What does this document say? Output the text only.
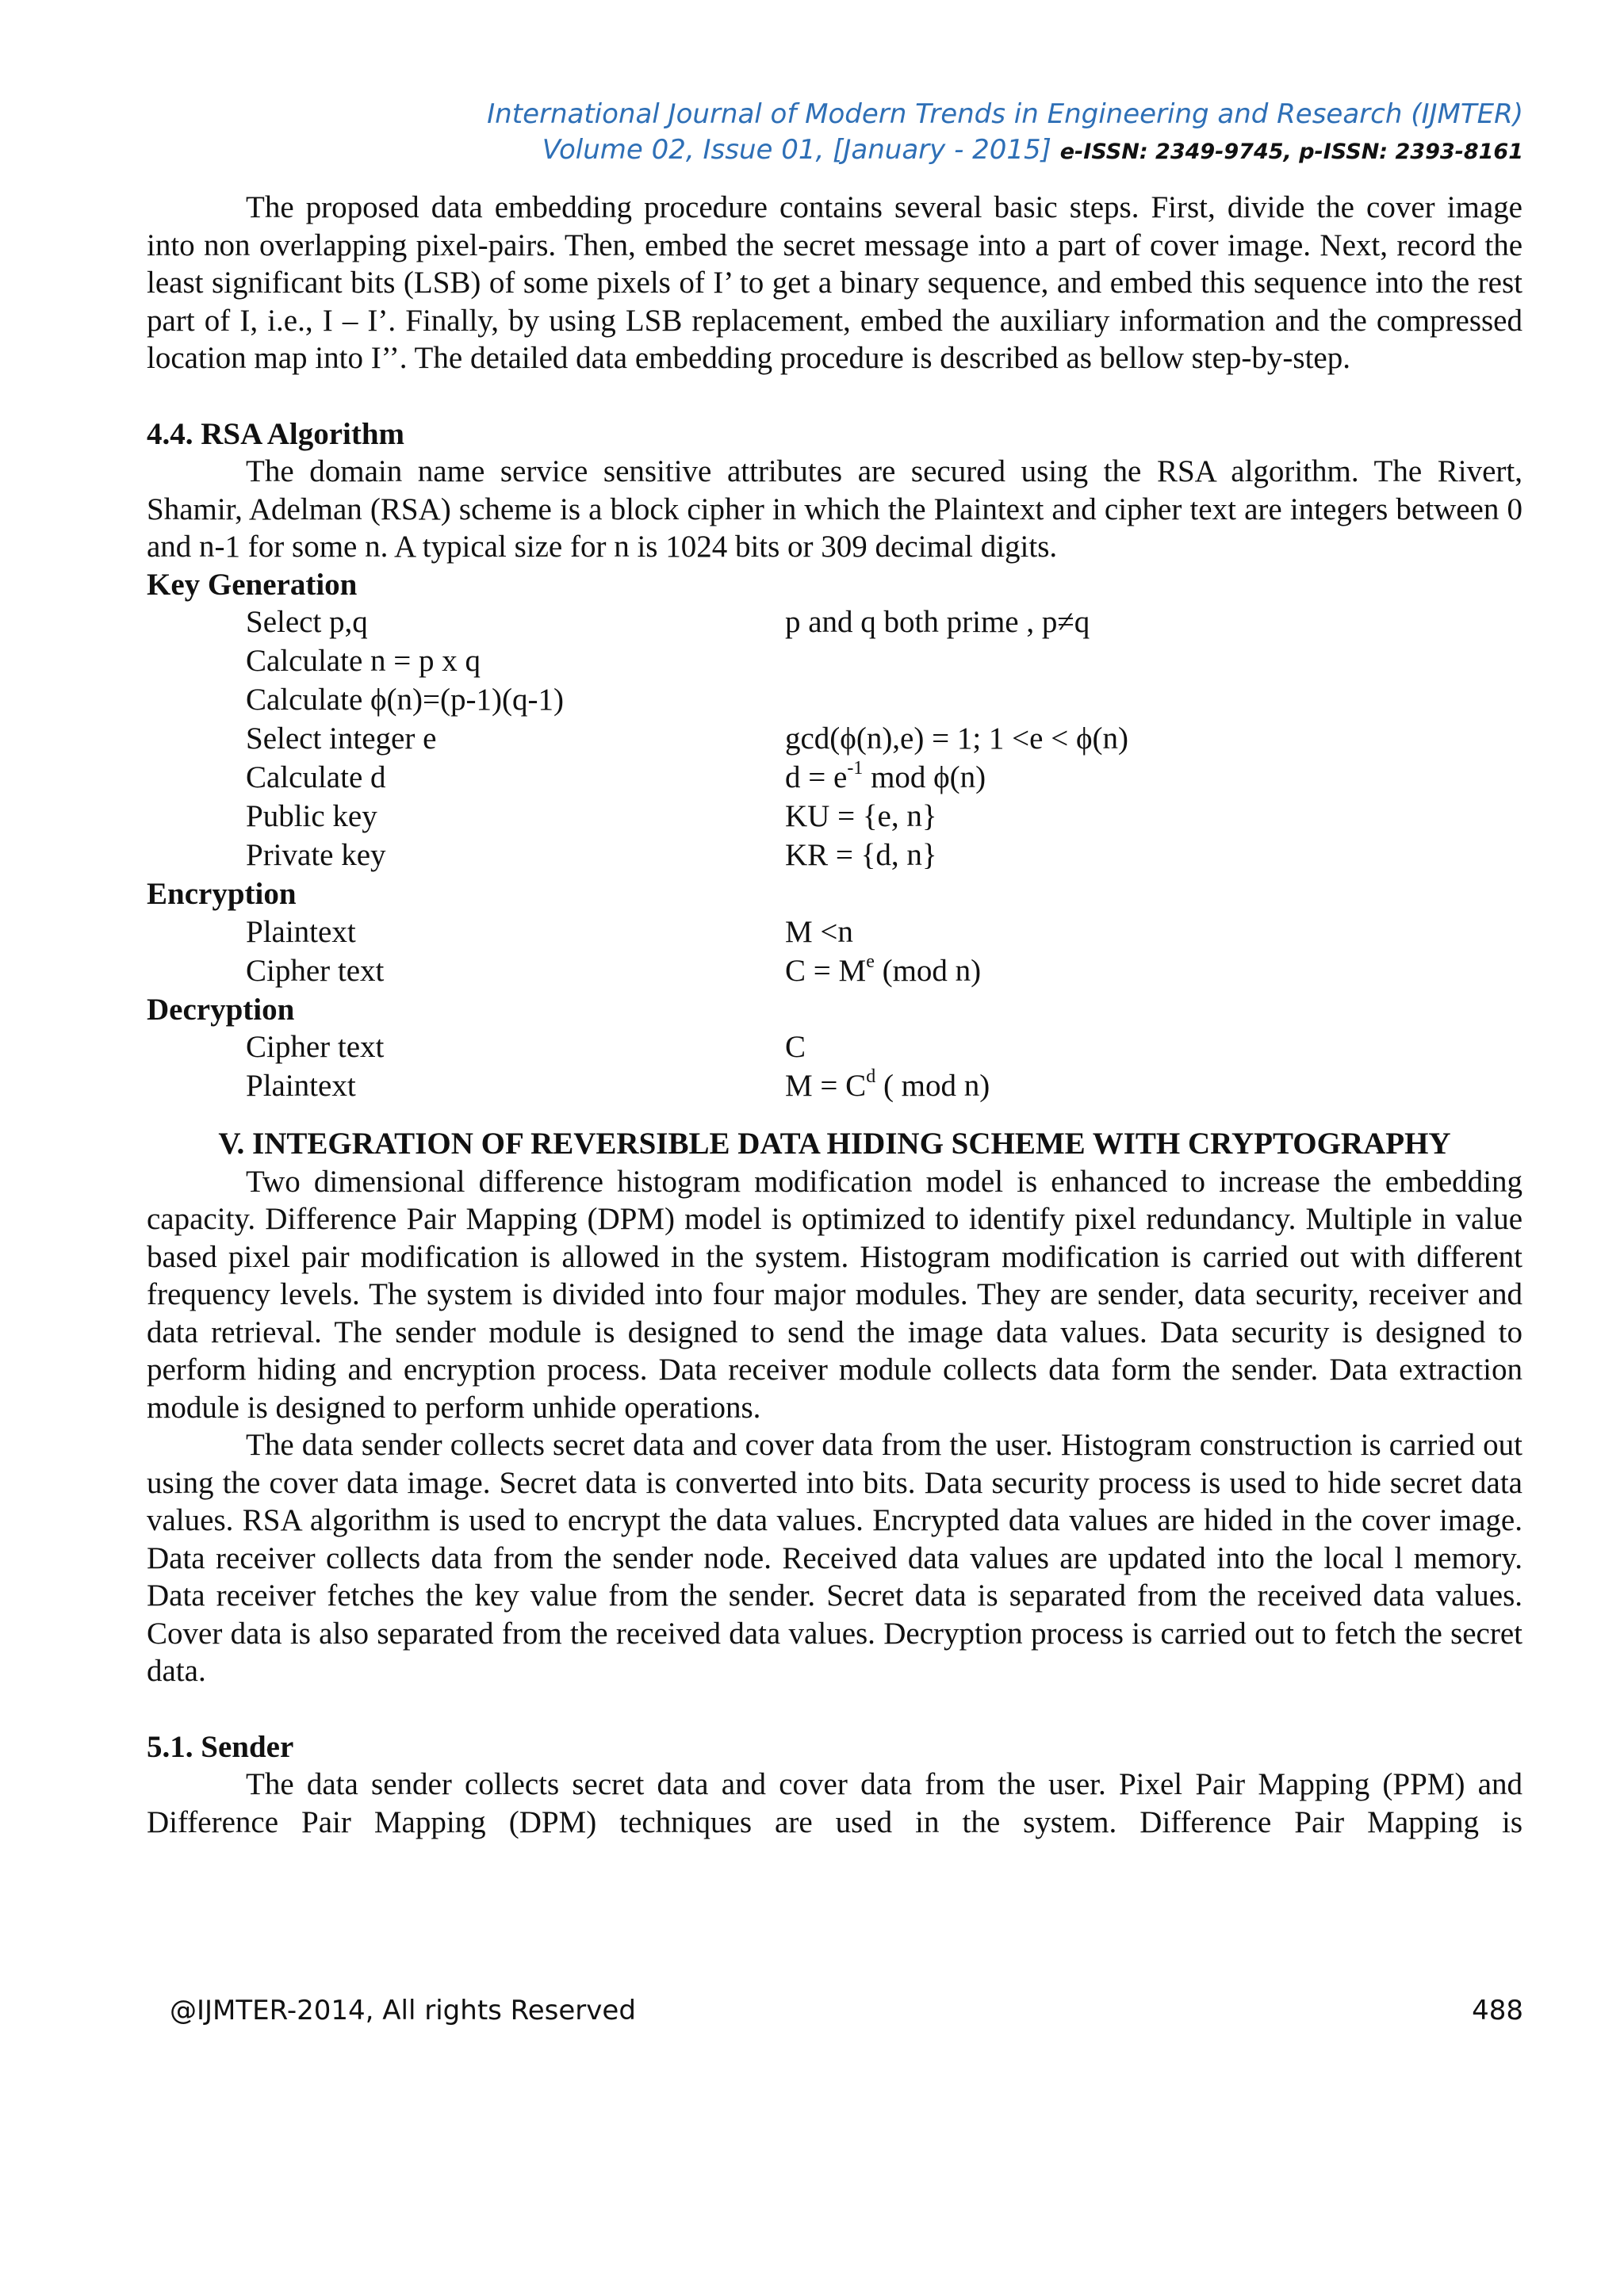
International Journal of Modern Trends in Engineering and Research (IJMTER)
Volume 02, Issue 01, [January - 2015] e-ISSN: 2349-9745, p-ISSN: 2393-8161

The proposed data embedding procedure contains several basic steps. First, divide the cover image into non overlapping pixel-pairs. Then, embed the secret message into a part of cover image. Next, record the least significant bits (LSB) of some pixels of I’ to get a binary sequence, and embed this sequence into the rest part of I, i.e., I – I’. Finally, by using LSB replacement, embed the auxiliary information and the compressed location map into I’’. The detailed data embedding procedure is described as bellow step-by-step.

4.4. RSA Algorithm

The domain name service sensitive attributes are secured using the RSA algorithm. The Rivert, Shamir, Adelman (RSA) scheme is a block cipher in which the Plaintext and cipher text are integers between 0 and n-1 for some n. A typical size for n is 1024 bits or 309 decimal digits.

Key Generation
Select p,q	p and q both prime , p≠q
Calculate n = p x q
Calculate ϕ(n)=(p-1)(q-1)
Select integer e	gcd(ϕ(n),e) = 1; 1 <e < ϕ(n)
Calculate d	$d = e^{-1}$ mod ϕ(n)
Public key	KU = {e, n}
Private key	KR = {d, n}
Encryption
Plaintext	M <n
Cipher text	$C = M^e$ (mod n)
Decryption
Cipher text	C
Plaintext	$M = C^d$ ( mod n)
V. INTEGRATION OF REVERSIBLE DATA HIDING SCHEME WITH CRYPTOGRAPHY

Two dimensional difference histogram modification model is enhanced to increase the embedding capacity. Difference Pair Mapping (DPM) model is optimized to identify pixel redundancy. Multiple in value based pixel pair modification is allowed in the system. Histogram modification is carried out with different frequency levels. The system is divided into four major modules. They are sender, data security, receiver and data retrieval. The sender module is designed to send the image data values. Data security is designed to perform hiding and encryption process. Data receiver module collects data form the sender. Data extraction module is designed to perform unhide operations.

The data sender collects secret data and cover data from the user. Histogram construction is carried out using the cover data image. Secret data is converted into bits. Data security process is used to hide secret data values. RSA algorithm is used to encrypt the data values. Encrypted data values are hided in the cover image. Data receiver collects data from the sender node. Received data values are updated into the local l memory. Data receiver fetches the key value from the sender. Secret data is separated from the received data values. Cover data is also separated from the received data values. Decryption process is carried out to fetch the secret data.

5.1. Sender

The data sender collects secret data and cover data from the user. Pixel Pair Mapping (PPM) and Difference Pair Mapping (DPM) techniques are used in the system. Difference Pair Mapping is

@IJMTER-2014, All rights Reserved	488
